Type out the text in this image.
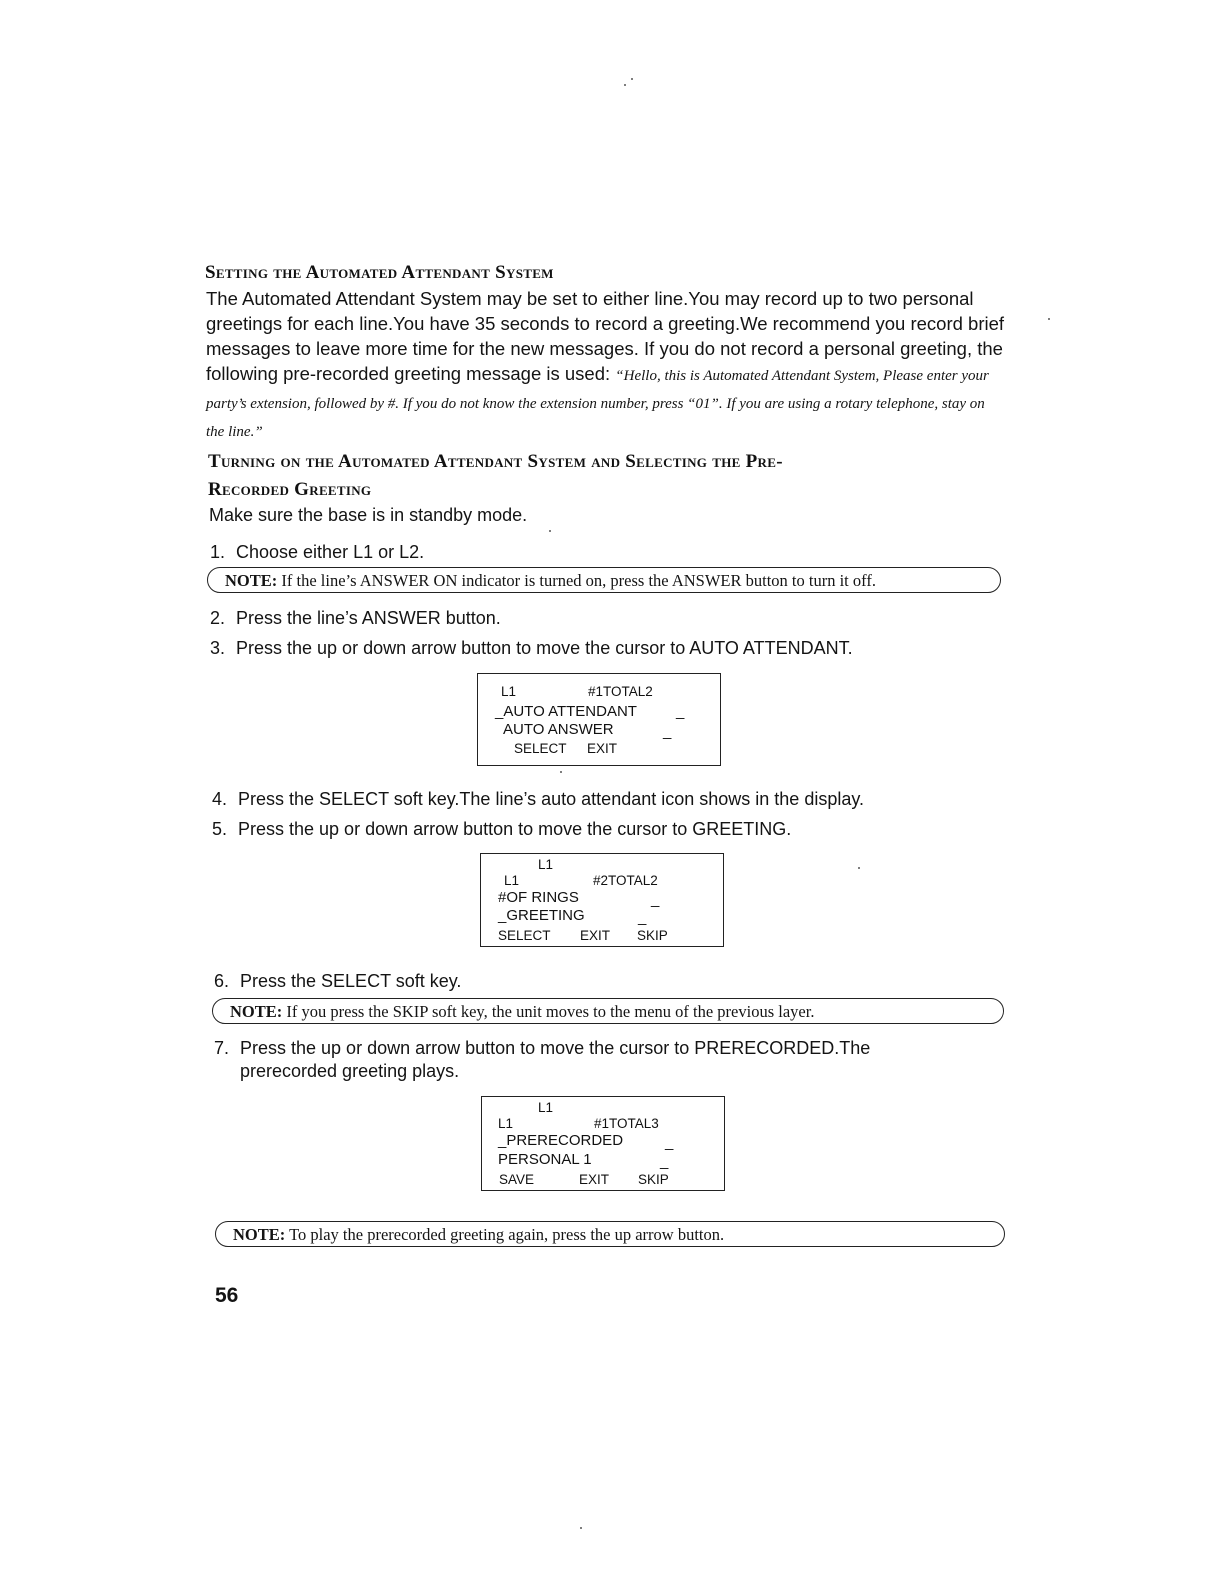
Setting the Automated Attendant System
The Automated Attendant System may be set to either line.You may record up to two personal greetings for each line.You have 35 seconds to record a greeting.We recommend you record brief messages to leave more time for the new messages. If you do not record a personal greeting, the following pre-recorded greeting message is used: “Hello, this is Automated Attendant System, Please enter your party’s extension, followed by #. If you do not know the extension number, press “01”. If you are using a rotary telephone, stay on the line.”
Turning on the Automated Attendant System and Selecting the Pre-
Recorded Greeting
Make sure the base is in standby mode.
1. Choose either L1 or L2.
NOTE: If the line’s ANSWER ON indicator is turned on, press the ANSWER button to turn it off.
2. Press the line’s ANSWER button.
3. Press the up or down arrow button to move the cursor to AUTO ATTENDANT.
L1	#1TOTAL2
_AUTO ATTENDANT	_
AUTO ANSWER	_
SELECT EXIT
4. Press the SELECT soft key.The line’s auto attendant icon shows in the display.
5. Press the up or down arrow button to move the cursor to GREETING.
L1
L1	#2TOTAL2
#OF RINGS	_
_GREETING	_
SELECT EXIT SKIP
6. Press the SELECT soft key.
NOTE: If you press the SKIP soft key, the unit moves to the menu of the previous layer.
7. Press the up or down arrow button to move the cursor to PRERECORDED.The
prerecorded greeting plays.
L1
L1	#1TOTAL3
_PRERECORDED	_
PERSONAL 1	_
SAVE	EXIT SKIP
NOTE: To play the prerecorded greeting again, press the up arrow button.
56
